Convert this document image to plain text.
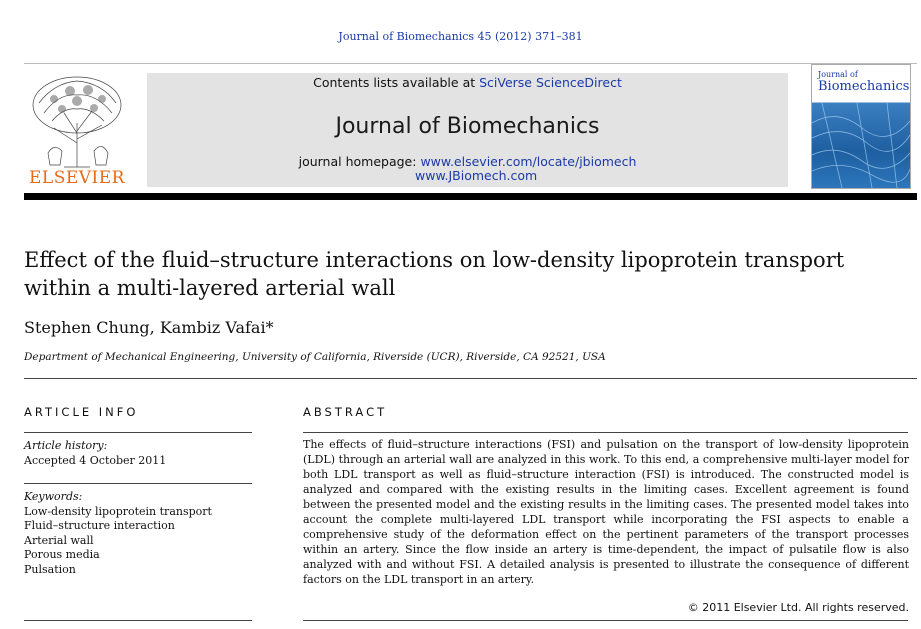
Journal of Biomechanics 45 (2012) 371–381
ELSEVIER
Contents lists available at SciVerse ScienceDirect
Journal of Biomechanics
journal homepage: www.elsevier.com/locate/jbiomech
www.JBiomech.com
Journal of
Biomechanics
Effect of the fluid–structure interactions on low-density lipoprotein transport within a multi-layered arterial wall
Stephen Chung, Kambiz Vafai*
Department of Mechanical Engineering, University of California, Riverside (UCR), Riverside, CA 92521, USA
ARTICLE INFO
Article history:
Accepted 4 October 2011
Keywords:
Low-density lipoprotein transport
Fluid–structure interaction
Arterial wall
Porous media
Pulsation
ABSTRACT
The effects of fluid–structure interactions (FSI) and pulsation on the transport of low-density lipoprotein (LDL) through an arterial wall are analyzed in this work. To this end, a comprehensive multi-layer model for both LDL transport as well as fluid–structure interaction (FSI) is introduced. The constructed model is analyzed and compared with the existing results in the limiting cases. Excellent agreement is found between the presented model and the existing results in the limiting cases. The presented model takes into account the complete multi-layered LDL transport while incorporating the FSI aspects to enable a comprehensive study of the deformation effect on the pertinent parameters of the transport processes within an artery. Since the flow inside an artery is time-dependent, the impact of pulsatile flow is also analyzed with and without FSI. A detailed analysis is presented to illustrate the consequence of different factors on the LDL transport in an artery.
© 2011 Elsevier Ltd. All rights reserved.
